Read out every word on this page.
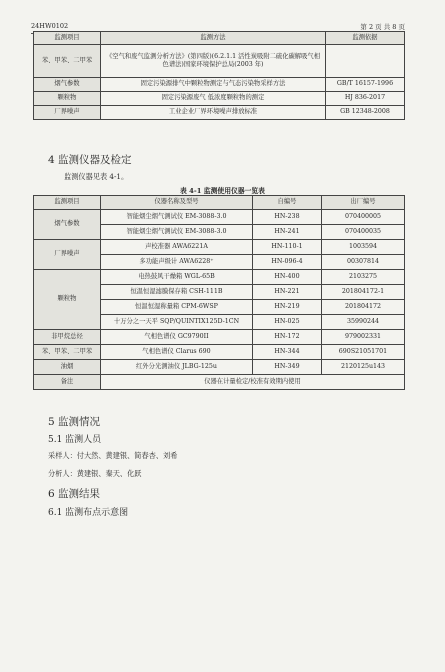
24HW0102	第 2 页 共 8 页
监测项目	监测方法	监测依据
苯、甲苯、二甲苯	《空气和废气监测分析方法》(第四版)(6.2.1.1 活性炭吸附二硫化碳解吸气相色谱法)国家环境保护总局(2003 年)	
烟气参数	固定污染源排气中颗粒物测定与气态污染物采样方法	GB/T 16157-1996
颗粒物	固定污染源废气 低浓度颗粒物的测定	HJ 836-2017
厂界噪声	工业企业厂界环境噪声排放标准	GB 12348-2008
4 监测仪器及检定
监测仪器见表 4-1。
表 4-1 监测使用仪器一览表
监测项目	仪器名称及型号	自编号	出厂编号
烟气参数	智能烟尘烟气测试仪 EM-3088-3.0	HN-238	070400005
	智能烟尘烟气测试仪 EM-3088-3.0	HN-241	070400035
厂界噪声	声校准器 AWA6221A	HN-110-1	1003594
	多功能声级计 AWA6228⁺	HN-096-4	00307814
颗粒物	电热鼓风干燥箱 WGL-65B	HN-400	2103275
	恒温恒湿滤膜保存箱 CSH-111B	HN-221	201804172-1
	恒温恒湿称量箱 CPM-6WSP	HN-219	201804172
	十万分之一天平 SQP/QUINTIX125D-1CN	HN-025	35990244
非甲烷总烃	气相色谱仪 GC9790II	HN-172	979002331
苯、甲苯、二甲苯	气相色谱仪 Clarus 690	HN-344	690S21051701
油烟	红外分光测油仪 JLBG-125u	HN-349	2120125u143
备注	仪器在计量检定/校准有效期内使用		
5 监测情况
5.1 监测人员
采样人：付大然、黄建银、简春杏、刘希
分析人：黄建银、秦天、化跃
6 监测结果
6.1 监测布点示意图
